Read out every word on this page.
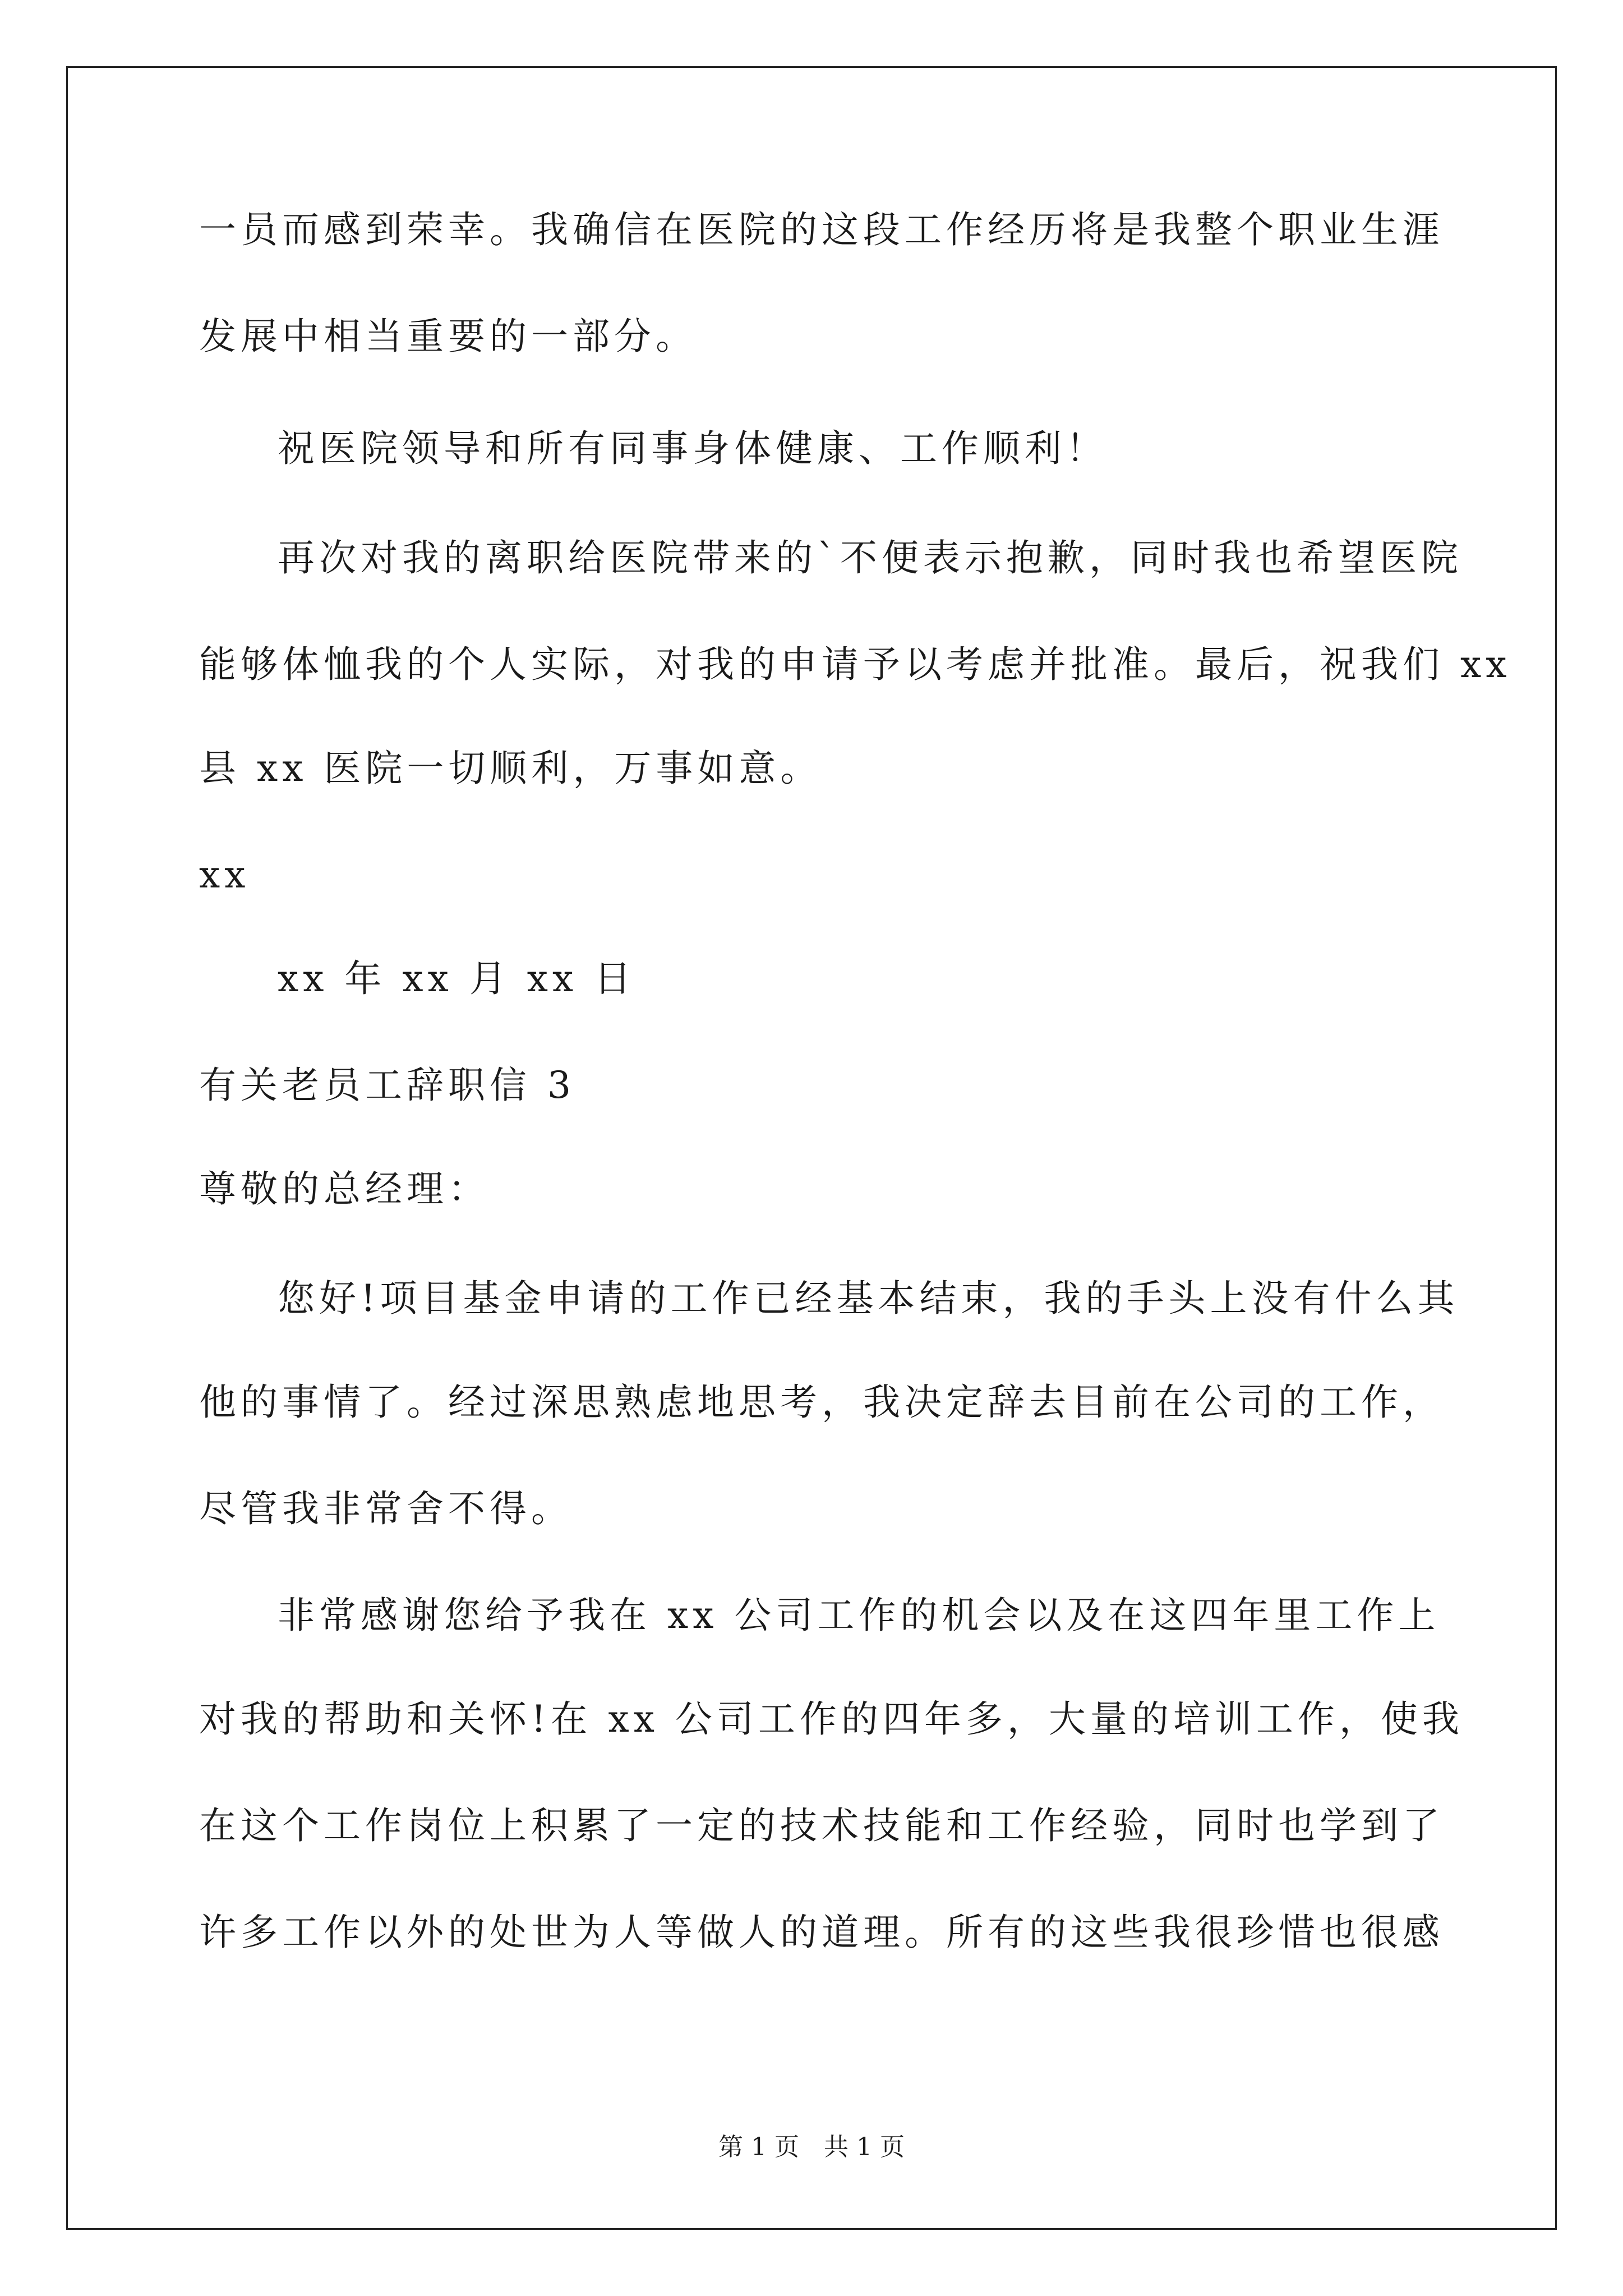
一员而感到荣幸。我确信在医院的这段工作经历将是我整个职业生涯
发展中相当重要的一部分。
祝医院领导和所有同事身体健康、工作顺利！
再次对我的离职给医院带来的`不便表示抱歉，同时我也希望医院
能够体恤我的个人实际，对我的申请予以考虑并批准。最后，祝我们 xx
县 xx 医院一切顺利，万事如意。
xx
xx 年 xx 月 xx 日
有关老员工辞职信 3
尊敬的总经理：
您好!项目基金申请的工作已经基本结束，我的手头上没有什么其
他的事情了。经过深思熟虑地思考，我决定辞去目前在公司的工作，
尽管我非常舍不得。
非常感谢您给予我在 xx 公司工作的机会以及在这四年里工作上
对我的帮助和关怀!在 xx 公司工作的四年多，大量的培训工作，使我
在这个工作岗位上积累了一定的技术技能和工作经验，同时也学到了
许多工作以外的处世为人等做人的道理。所有的这些我很珍惜也很感
第 1 页　共 1 页
